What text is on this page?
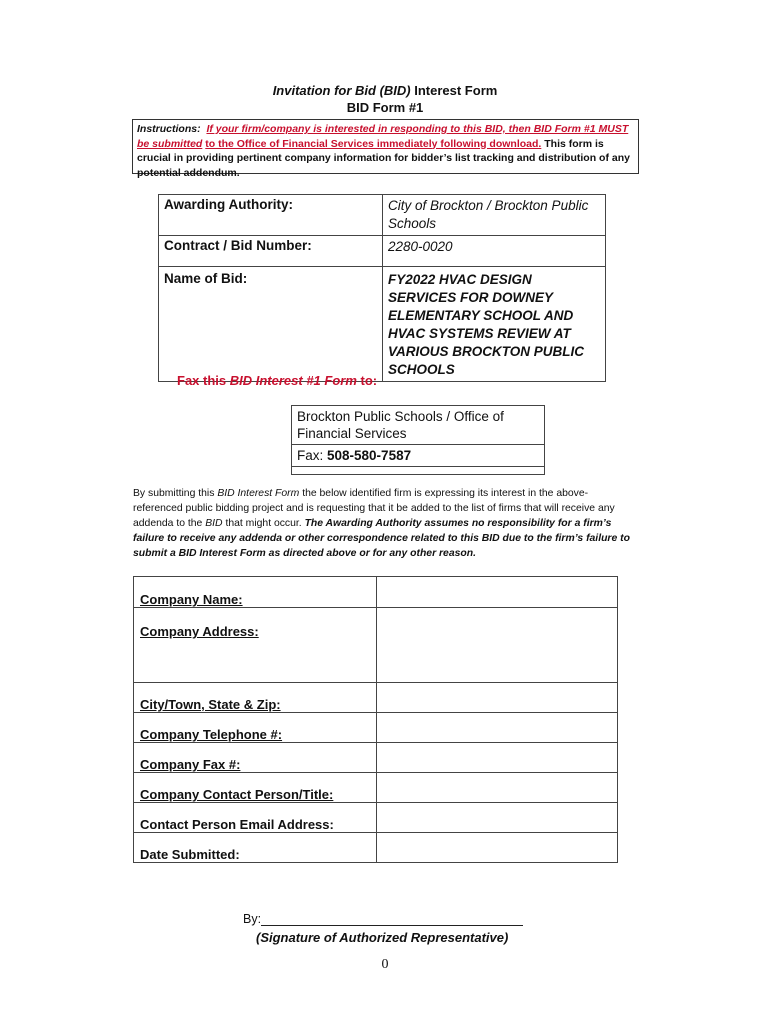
Invitation for Bid (BID) Interest Form
BID Form #1
Instructions: If your firm/company is interested in responding to this BID, then BID Form #1 MUST be submitted to the Office of Financial Services immediately following download. This form is crucial in providing pertinent company information for bidder’s list tracking and distribution of any potential addendum.
Awarding Authority:	City of Brockton / Brockton Public Schools
Contract / Bid Number:	2280-0020
Name of Bid:	FY2022 HVAC DESIGN SERVICES FOR DOWNEY ELEMENTARY SCHOOL AND HVAC SYSTEMS REVIEW AT VARIOUS BROCKTON PUBLIC SCHOOLS
Fax this BID Interest #1 Form to:
Brockton Public Schools / Office of Financial Services
Fax: 508-580-7587

By submitting this BID Interest Form the below identified firm is expressing its interest in the above-referenced public bidding project and is requesting that it be added to the list of firms that will receive any addenda to the BID that might occur. The Awarding Authority assumes no responsibility for a firm’s failure to receive any addenda or other correspondence related to this BID due to the firm’s failure to submit a BID Interest Form as directed above or for any other reason.
Company Name:	
Company Address:	
City/Town, State & Zip:	
Company Telephone #:	
Company Fax #:	
Company Contact Person/Title:	
Contact Person Email Address:	
Date Submitted:	
By:
(Signature of Authorized Representative)
0
